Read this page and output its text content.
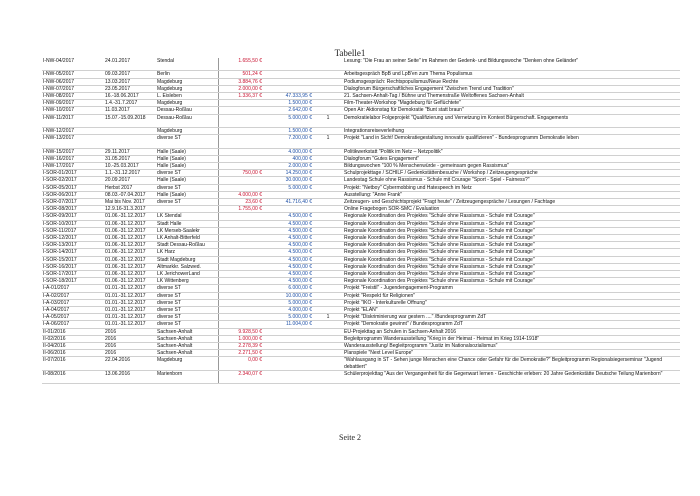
Tabelle1
I-NW-04/2017	24.01.2017	Stendal	1.655,50 €			Lesung: "Die Frau an seiner Seite" im Rahmen der Gedenk- und Bildungswoche "Denken ohne Geländer"
I-NW-05/2017	09.03.2017	Berlin	501,24 €			Arbeitsgespräch BpB und LpB'en zum Thema Populismus
I-NW-06/2017	13.03.2017	Magdeburg	3.884,76 €			Podiumsgespräch: Rechtspopulismus/Neue Rechte
I-NW-07/2017	23.05.2017	Magdeburg	2.000,00 €			Dialogforum Bürgerschaftliches Engagement "Zwischen Trend und Tradition"
I-NW-08/2017	16.-18.06.2017	L. Eisleben	1.336,37 €	47.333,95 €		21. Sachsen-Anhalt-Tag / Bühne und Themenstraße Weltoffenes Sachsen-Anhalt
I-NW-09/2017	1.4.-31.7.2017	Magdeburg		1.500,00 €		Film-Theater-Workshop "Magdeburg für Geflüchtete"
I-NW-10/2017	11.03.2017	Dessau-Roßlau		2.642,00 €		Open Air: Aktionstag für Demokratie "Bunt statt braun"
I-NW-11/2017	15.07.-15.09.2018	Dessau-Roßlau		5.000,00 €	1	Demokratielabor Folgeprojekt "Qualifizierung und Vernetzung im Kontext Bürgerschaft. Engagements
I-NW-12/2017		Magdeburg		1.500,00 €		Integrationsreiseverleihung
I-NW-13/2017		diverse ST		7.200,00 €	1	Projekt "Land in Sicht! Demokratiegestaltung innovativ qualifizieren" - Bundesprogramm Demokratie leben
I-NW-15/2017	29.11.2017	Halle (Saale)		4.000,00 €		Politikwerkstatt "Politik im Netz – Netzpolitik"
I-NW-16/2017	31.05.2017	Halle (Saale)		400,00 €		Dialogforum "Gutes Engagement"
I-NW-17/2017	10.-25.03.2017	Halle (Saale)		2.000,00 €		Bildungswochen "100 % Menschenwürde - gemeinsam gegen Rassismus"
I-SOR-01/2017	1.1.-31.12.2017	diverse ST	750,00 €	14.250,00 €		Schulprojekttage / SCHILF / Gedenkstättenbesuche / Workshop / Zeitzeugengespräche
I-SOR-02/2017	20.09.2017	Halle (Saale)		30.000,00 €		Landestag Schule ohne Rassismus - Schule mit Courage "Sport - Spiel - Fairness?"
I-SOR-05/2017	Herbst 2017	diverse ST		5.000,00 €		Projekt: "Netboy" Cybermobbing und Hatespeech im Netz
I-SOR-06/2017	08.03.-07.04.2017	Halle (Saale)	4.000,00 €			Ausstellung: "Anne Frank"
I-SOR-07/2017	Mai bis Nov. 2017	diverse ST	23,60 €	41.716,40 €		Zeitzeugen- und Geschichtsprojekt "Fragt heute" / Zeitzeugengespräche / Lesungen / Fachtage
I-SOR-08/2017	12.9.16-31.3.2017		1.755,00 €			Online Fragebogen SOR-SMC / Evaluation
I-SOR-09/2017	01.06.-31.12.2017	LK Stendal		4.500,00 €		Regionale Koordination des Projektes "Schule ohne Rassismus - Schule mit Courage"
I-SOR-10/2017	01.06.-31.12.2017	Stadt Halle		4.500,00 €		Regionale Koordination des Projektes "Schule ohne Rassismus - Schule mit Courage"
I-SOR-11/2017	01.06.-31.12.2017	LK Merseb-Saalekr		4.500,00 €		Regionale Koordination des Projektes "Schule ohne Rassismus - Schule mit Courage"
I-SOR-12/2017	01.06.-31.12.2017	LK Anhalt-Bitterfeld		4.500,00 €		Regionale Koordination des Projektes "Schule ohne Rassismus - Schule mit Courage"
I-SOR-13/2017	01.06.-31.12.2017	Stadt Dessau-Roßlau		4.500,00 €		Regionale Koordination des Projektes "Schule ohne Rassismus - Schule mit Courage"
I-SOR-14/2017	01.06.-31.12.2017	LK Harz		4.500,00 €		Regionale Koordination des Projektes "Schule ohne Rassismus - Schule mit Courage"
I-SOR-15/2017	01.06.-31.12.2017	Stadt Magdeburg		4.500,00 €		Regionale Koordination des Projektes "Schule ohne Rassismus - Schule mit Courage"
I-SOR-16/2017	01.06.-31.12.2017	Altmarkkr. Salzwed.		4.500,00 €		Regionale Koordination des Projektes "Schule ohne Rassismus - Schule mit Courage"
I-SOR-17/2017	01.06.-31.12.2017	LK JerichowerLand		4.500,00 €		Regionale Koordination des Projektes "Schule ohne Rassismus - Schule mit Courage"
I-SOR-18/2017	01.06.-31.12.2017	LK Wittenberg		4.500,00 €		Regionale Koordination des Projektes "Schule ohne Rassismus - Schule mit Courage"
I-A-01/2017	01.01.-31.12.2017	diverse ST		6.000,00 €		Projekt "Freistil" - Jugendengagement-Programm
I-A-02/2017	01.01.-31.12.2017	diverse ST		10.000,00 €		Projekt "Respekt für Religionen"
I-A-03/2017	01.01.-31.12.2017	diverse ST		5.000,00 €		Projekt "IKÖ - Interkulturelle Öffnung"
I-A-04/2017	01.01.-31.12.2017	diverse ST		4.000,00 €		Projekt "ELAN"
I-A-05/2017	01.01.-31.12.2017	diverse ST		5.000,00 €	1	Projekt "Diskriminierung war gestern ...." /Bundesprogramm ZdT
I-A-06/2017	01.01.-31.12.2017	diverse ST		11.004,00 €		Projekt "Demokratie gewinnt" / Bundesprogramm ZdT
II-01/2016	2016	Sachsen-Anhalt	9.928,50 €			EU-Projekttag an Schulen in Sachsen-Anhalt 2016
II-02/2016	2016	Sachsen-Anhalt	1.000,00 €			Begleitprogramm Wanderausstellung "Krieg in der Heimat - Heimat im Krieg 1914-1918"
II-04/2016	2016	Sachsen-Anhalt	2.278,39 €			Wanderausstellung/ Begleitprogramm "Justiz im Nationalsozialismus"
II-06/2016	2016	Sachsen-Anhalt	2.271,50 €			Planspiele "Next Level Europe"
II-07/2016	22.04.2016	Magdeburg	0,00 €			"Wahlausgang in ST - Sehen junge Menschen eine Chance oder Gefahr für die Demokratie?" Begleitprogramm Regionalsiegerseminar "Jugend debattiert"
II-08/2016	13.06.2016	Marienborn	2.340,07 €			Schülerprojekttag "Aus der Vergangenheit für die Gegenwart lernen - Geschichte erleben: 20 Jahre Gedenkstätte Deutsche Teilung Marienborn"
Seite 2
